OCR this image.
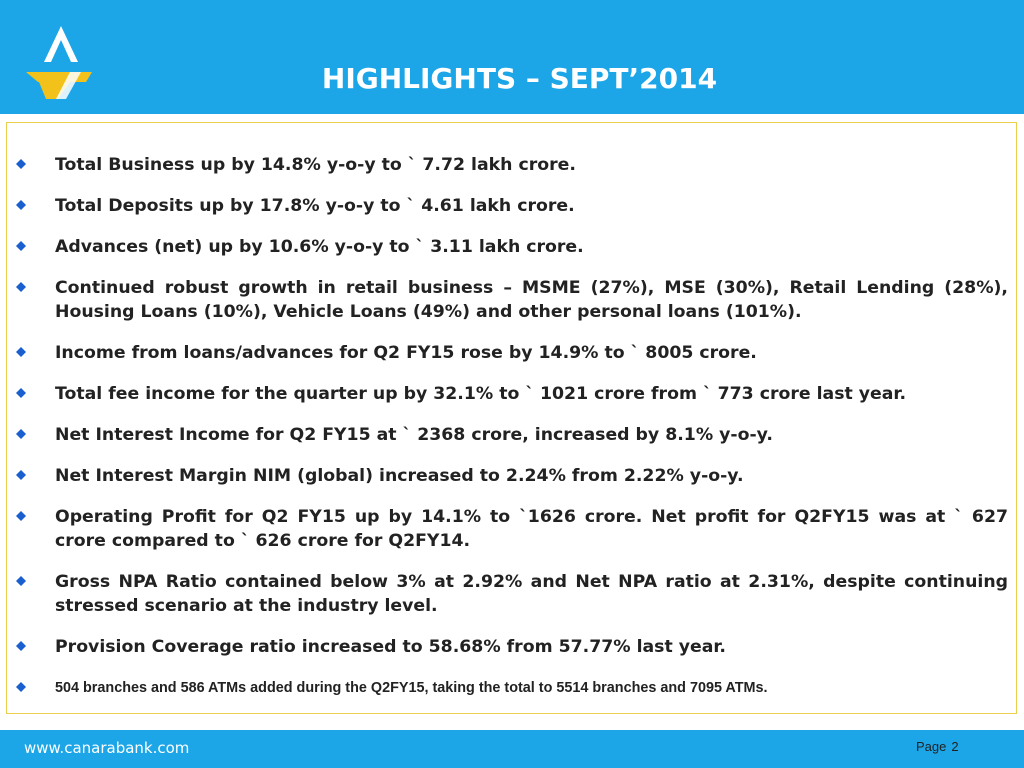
HIGHLIGHTS – SEPT’2014
Total Business up by 14.8% y-o-y to ` 7.72 lakh crore.
Total Deposits up by 17.8% y-o-y to ` 4.61 lakh crore.
Advances (net) up by 10.6% y-o-y to ` 3.11 lakh crore.
Continued robust growth in retail business – MSME (27%), MSE (30%), Retail Lending (28%), Housing Loans (10%), Vehicle Loans (49%) and other personal loans (101%).
Income from loans/advances for Q2 FY15 rose by 14.9% to ` 8005 crore.
Total fee income for the quarter up by 32.1% to ` 1021 crore from ` 773 crore last year.
Net Interest Income for Q2 FY15 at ` 2368 crore, increased by 8.1% y-o-y.
Net Interest Margin NIM (global) increased to 2.24% from 2.22% y-o-y.
Operating Profit for Q2 FY15 up by 14.1% to `1626 crore. Net profit for Q2FY15 was at ` 627 crore compared to ` 626 crore for Q2FY14.
Gross NPA Ratio contained below 3% at 2.92% and Net NPA ratio at 2.31%, despite continuing stressed scenario at the industry level.
Provision Coverage ratio increased to 58.68% from 57.77% last year.
504 branches and 586 ATMs added during the Q2FY15, taking the total to 5514 branches and 7095 ATMs.
www.canarabank.com	Page 2
